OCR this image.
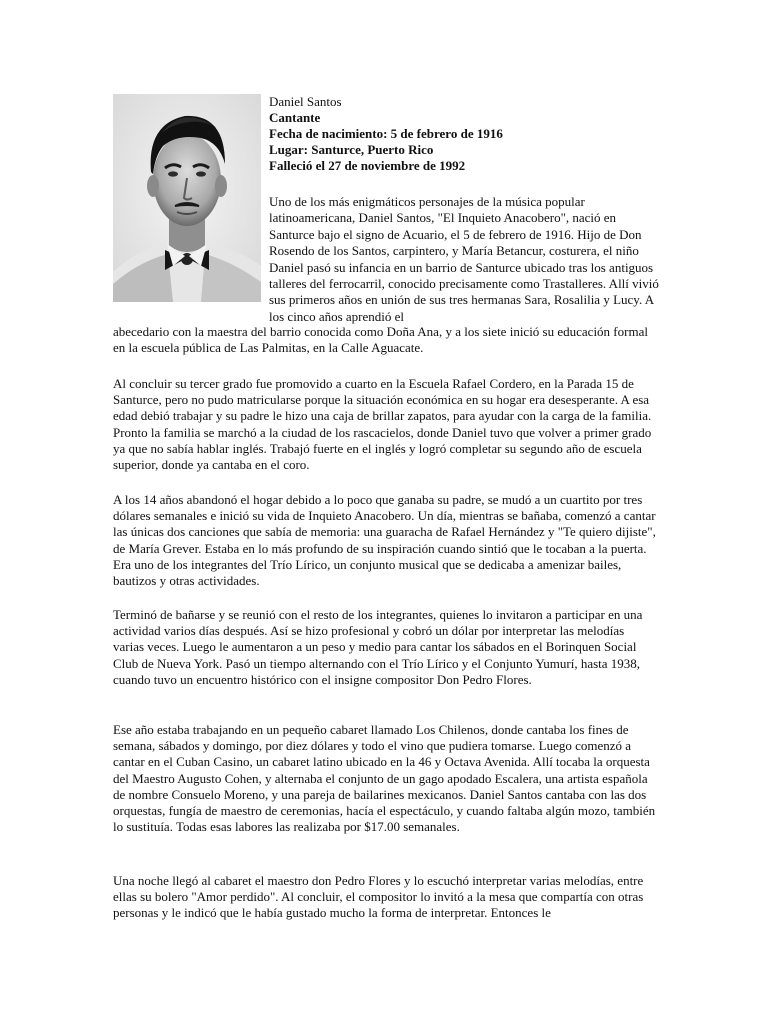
Daniel Santos
Cantante
Fecha de nacimiento: 5 de febrero de 1916
Lugar: Santurce, Puerto Rico
Falleció el 27 de noviembre de 1992

Uno de los más enigmáticos personajes de la música popular latinoamericana, Daniel Santos, "El Inquieto Anacobero", nació en Santurce bajo el signo de Acuario, el 5 de febrero de 1916. Hijo de Don Rosendo de los Santos, carpintero, y María Betancur, costurera, el niño Daniel pasó su infancia en un barrio de Santurce ubicado tras los antiguos talleres del ferrocarril, conocido precisamente como Trastalleres. Allí vivió sus primeros años en unión de sus tres hermanas Sara, Rosalilia y Lucy. A los cinco años aprendió el

abecedario con la maestra del barrio conocida como Doña Ana, y a los siete inició su educación formal en la escuela pública de Las Palmitas, en la Calle Aguacate.

Al concluir su tercer grado fue promovido a cuarto en la Escuela Rafael Cordero, en la Parada 15 de Santurce, pero no pudo matricularse porque la situación económica en su hogar era desesperante. A esa edad debió trabajar y su padre le hizo una caja de brillar zapatos, para ayudar con la carga de la familia. Pronto la familia se marchó a la ciudad de los rascacielos, donde Daniel tuvo que volver a primer grado ya que no sabía hablar inglés. Trabajó fuerte en el inglés y logró completar su segundo año de escuela superior, donde ya cantaba en el coro.
A los 14 años abandonó el hogar debido a lo poco que ganaba su padre, se mudó a un cuartito por tres dólares semanales e inició su vida de Inquieto Anacobero. Un día, mientras se bañaba, comenzó a cantar las únicas dos canciones que sabía de memoria: una guaracha de Rafael Hernández y "Te quiero dijiste", de María Grever. Estaba en lo más profundo de su inspiración cuando sintió que le tocaban a la puerta. Era uno de los integrantes del Trío Lírico, un conjunto musical que se dedicaba a amenizar bailes, bautizos y otras actividades.
Terminó de bañarse y se reunió con el resto de los integrantes, quienes lo invitaron a participar en una actividad varios días después. Así se hizo profesional y cobró un dólar por interpretar las melodías varias veces. Luego le aumentaron a un peso y medio para cantar los sábados en el Borinquen Social Club de Nueva York. Pasó un tiempo alternando con el Trío Lírico y el Conjunto Yumurí, hasta 1938, cuando tuvo un encuentro histórico con el insigne compositor Don Pedro Flores.
Ese año estaba trabajando en un pequeño cabaret llamado Los Chilenos, donde cantaba los fines de semana, sábados y domingo, por diez dólares y todo el vino que pudiera tomarse. Luego comenzó a cantar en el Cuban Casino, un cabaret latino ubicado en la 46 y Octava Avenida. Allí tocaba la orquesta del Maestro Augusto Cohen, y alternaba el conjunto de un gago apodado Escalera, una artista española de nombre Consuelo Moreno, y una pareja de bailarines mexicanos. Daniel Santos cantaba con las dos orquestas, fungía de maestro de ceremonias, hacía el espectáculo, y cuando faltaba algún mozo, también lo sustituía. Todas esas labores las realizaba por $17.00 semanales.
Una noche llegó al cabaret el maestro don Pedro Flores y lo escuchó interpretar varias melodías, entre ellas su bolero "Amor perdido". Al concluir, el compositor lo invitó a la mesa que compartía con otras personas y le indicó que le había gustado mucho la forma de interpretar. Entonces le
